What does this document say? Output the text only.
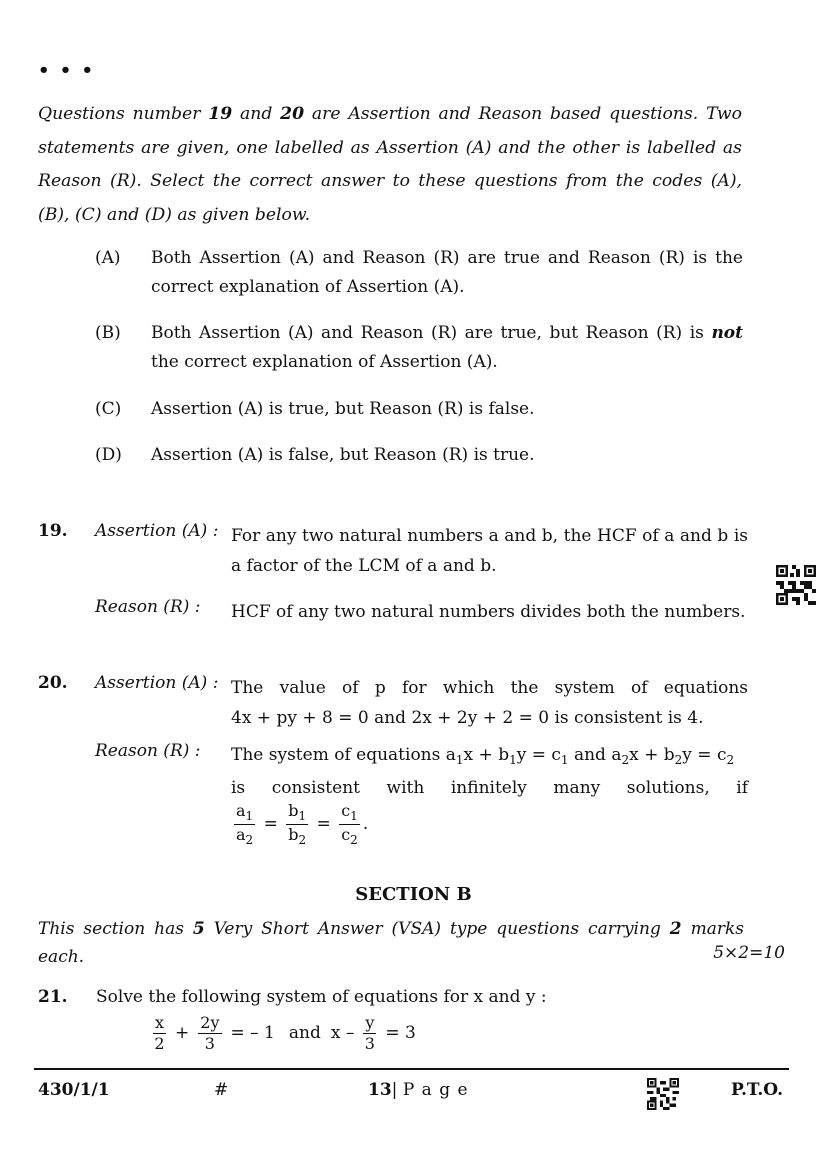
• • •
Questions number 19 and 20 are Assertion and Reason based questions. Two statements are given, one labelled as Assertion (A) and the other is labelled as Reason (R). Select the correct answer to these questions from the codes (A), (B), (C) and (D) as given below.
(A) Both Assertion (A) and Reason (R) are true and Reason (R) is the correct explanation of Assertion (A).
(B) Both Assertion (A) and Reason (R) are true, but Reason (R) is not the correct explanation of Assertion (A).
(C) Assertion (A) is true, but Reason (R) is false.
(D) Assertion (A) is false, but Reason (R) is true.
19. Assertion (A) : For any two natural numbers a and b, the HCF of a and b is a factor of the LCM of a and b.
Reason (R) : HCF of any two natural numbers divides both the numbers.
20. Assertion (A) : The value of p for which the system of equations
4x + py + 8 = 0 and 2x + 2y + 2 = 0 is consistent is 4.
Reason (R) : The system of equations $a_1x + b_1y = c_1$ and $a_2x + b_2y = c_2$
is consistent with infinitely many solutions, if
$\frac{a_1}{a_2} = \frac{b_1}{b_2} = \frac{c_1}{c_2}$ .
SECTION B
This section has 5 Very Short Answer (VSA) type questions carrying 2 marks each.	5×2=10
21. Solve the following system of equations for x and y :
$\frac{x}{2} + \frac{2y}{3}$ = – 1 and $x - \frac{y}{3} = 3$
430/1/1	#	13| P a g e	P.T.O.
